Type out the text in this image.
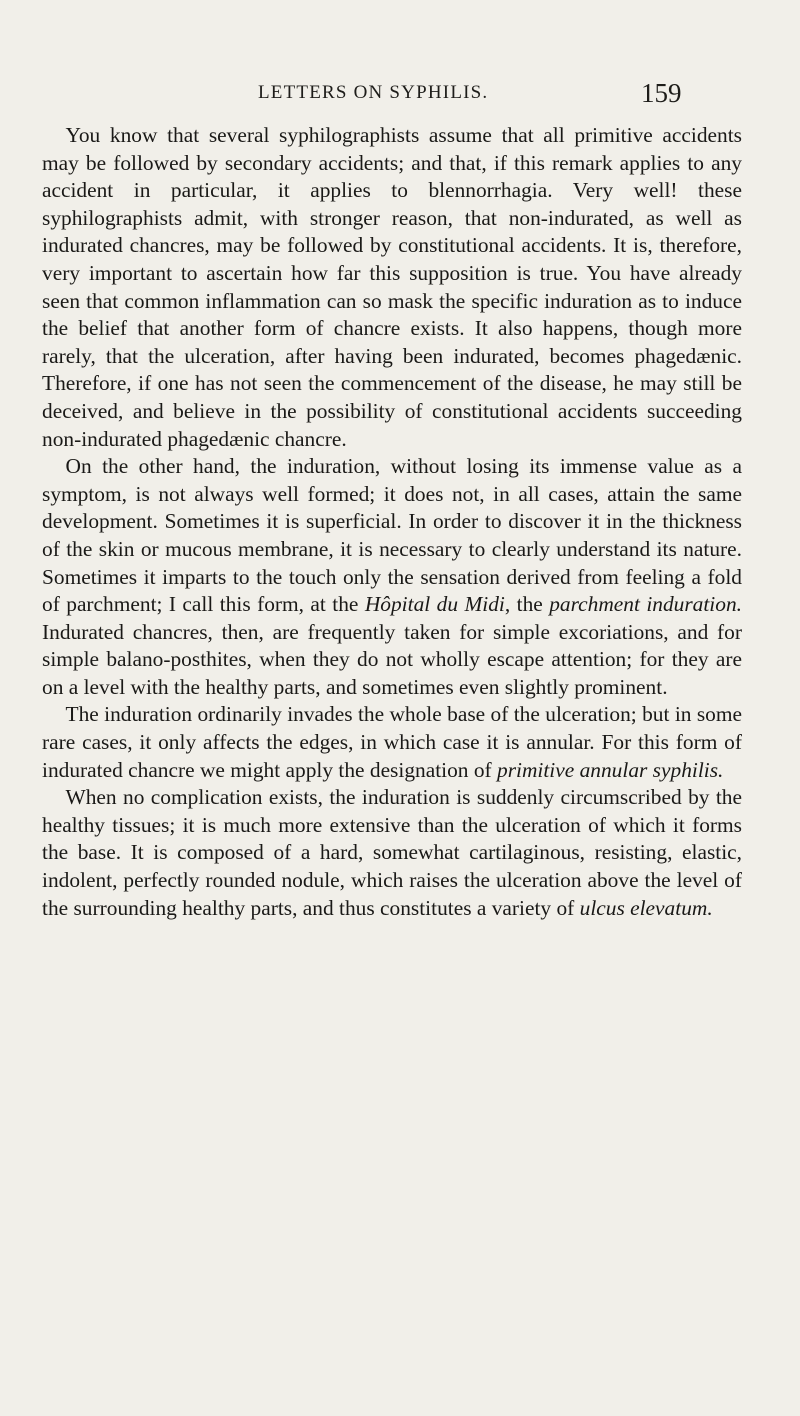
LETTERS ON SYPHILIS.	159

You know that several syphilographists assume that all primitive accidents may be followed by secondary accidents; and that, if this remark applies to any accident in particular, it applies to blennorrhagia. Very well! these syphilographists admit, with stronger reason, that non-indurated, as well as indurated chancres, may be followed by constitutional accidents. It is, therefore, very important to ascertain how far this supposition is true. You have already seen that common inflammation can so mask the specific induration as to induce the belief that another form of chancre exists. It also happens, though more rarely, that the ulceration, after having been indurated, becomes phagedænic. Therefore, if one has not seen the commencement of the disease, he may still be deceived, and believe in the possibility of constitutional accidents succeeding non-indurated phagedænic chancre.

On the other hand, the induration, without losing its immense value as a symptom, is not always well formed; it does not, in all cases, attain the same development. Sometimes it is superficial. In order to discover it in the thickness of the skin or mucous membrane, it is necessary to clearly understand its nature. Sometimes it imparts to the touch only the sensation derived from feeling a fold of parchment; I call this form, at the Hôpital du Midi, the parchment induration. Indurated chancres, then, are frequently taken for simple excoriations, and for simple balano-posthites, when they do not wholly escape attention; for they are on a level with the healthy parts, and sometimes even slightly prominent.

The induration ordinarily invades the whole base of the ulceration; but in some rare cases, it only affects the edges, in which case it is annular. For this form of indurated chancre we might apply the designation of primitive annular syphilis.

When no complication exists, the induration is suddenly circumscribed by the healthy tissues; it is much more extensive than the ulceration of which it forms the base. It is composed of a hard, somewhat cartilaginous, resisting, elastic, indolent, perfectly rounded nodule, which raises the ulceration above the level of the surrounding healthy parts, and thus constitutes a variety of ulcus elevatum.
